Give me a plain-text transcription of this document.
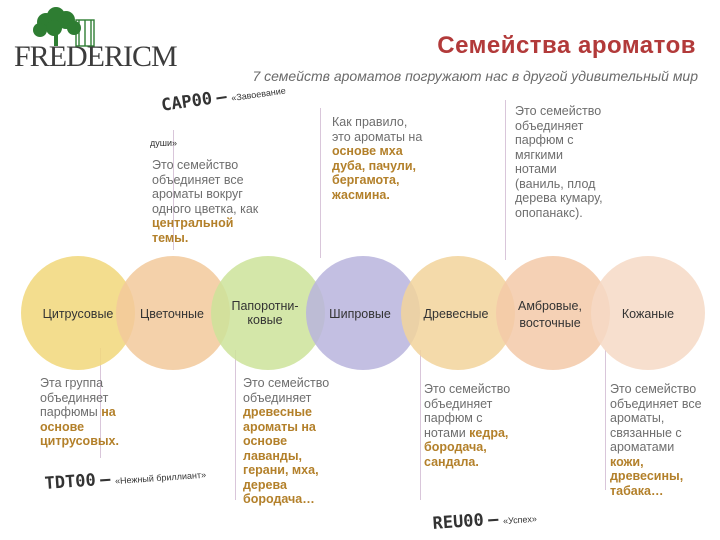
FREDERICM	Семейства ароматов
7 семейств ароматов погружают нас в другой удивительный мир
Цитрусовые	Цветочные
Папоротни-
ковые	Шипровые	Древесные
Амбровые,
восточные
Кожаные
CAP00 – «Завоевание
души»
Это семейство объединяет все ароматы вокруг одного цветка, как центральной темы.
Как правило, это ароматы на основе мха дуба, пачули, бергамота, жасмина.
Это семейство объединяет парфюм с мягкими нотами (ваниль, плод дерева кумару, опопанакс).
Эта группа объединяет парфюмы на основе цитрусовых.
Это семейство объединяет древесные ароматы на основе лаванды, герани, мха, дерева бородача…
Это семейство объединяет парфюм с нотами кедра, бородача, сандала.
Это семейство объединяет все ароматы, связанные с ароматами кожи, древесины, табака…
TDT00 – «Нежный бриллиант»
REU00 – «Успех»
